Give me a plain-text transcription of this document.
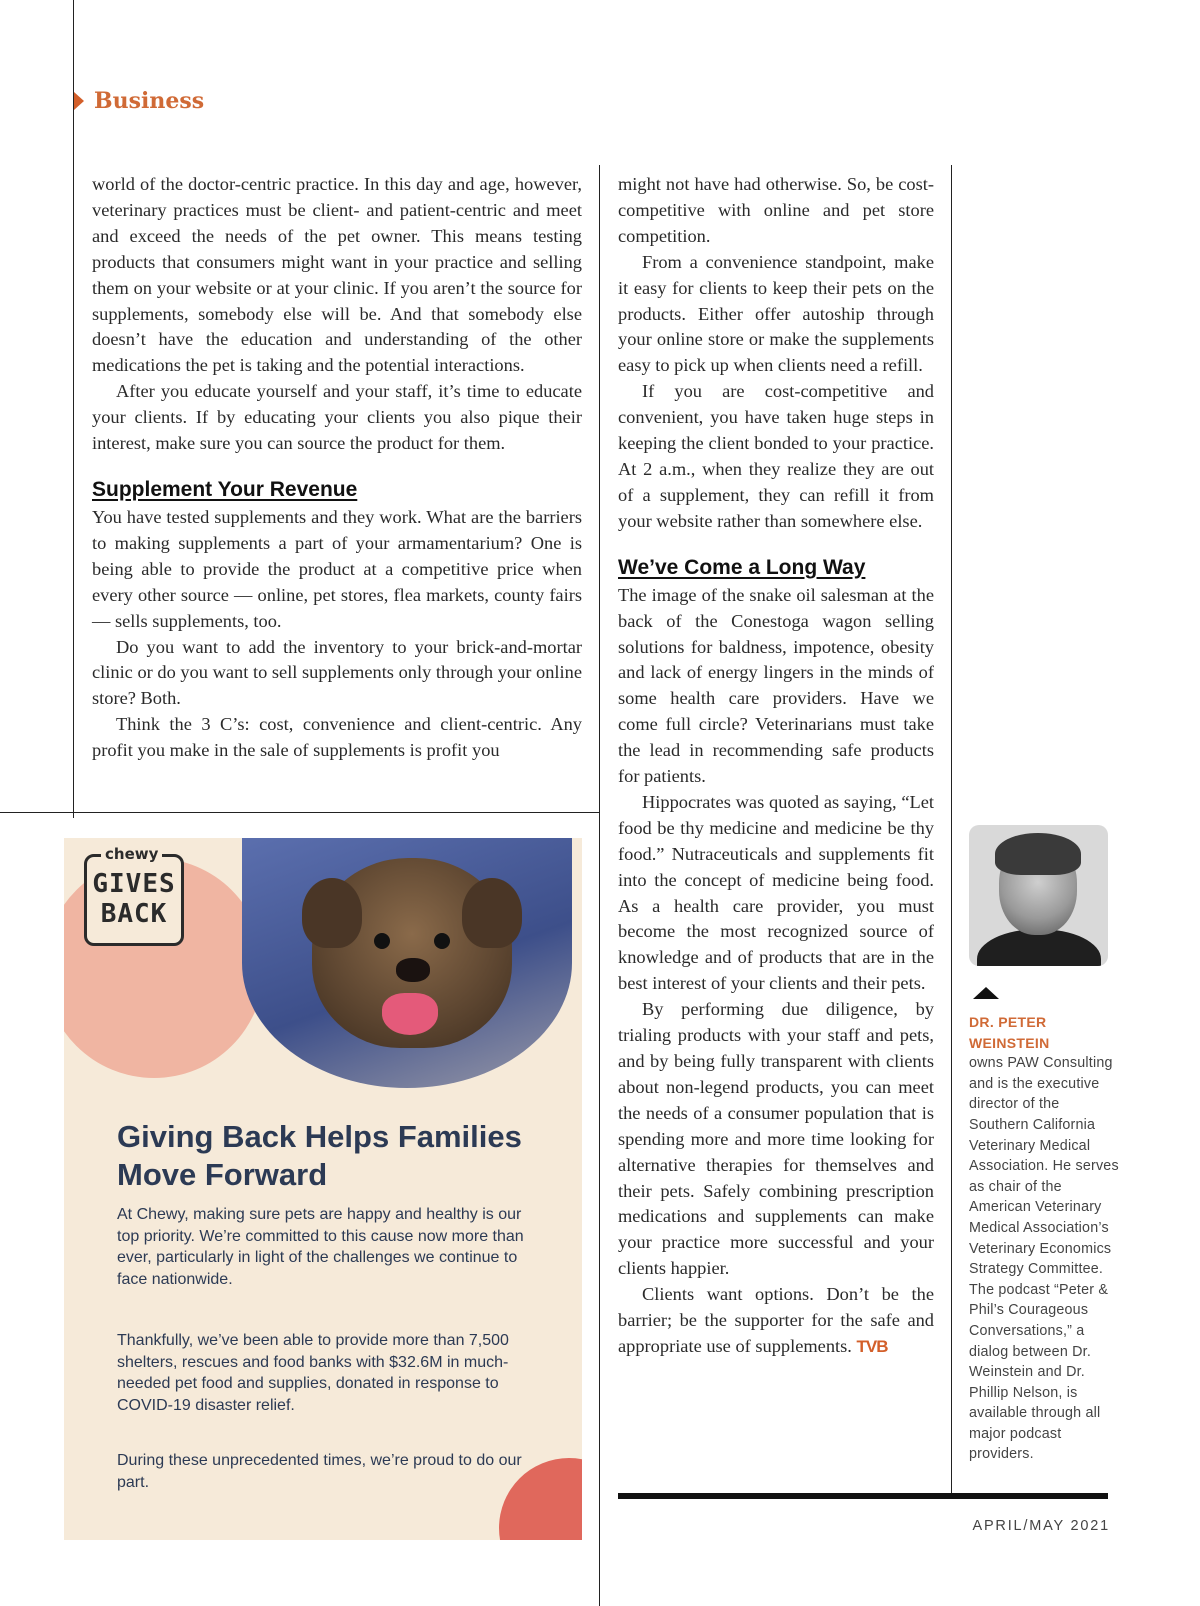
Business

world of the doctor-centric practice. In this day and age, however, veterinary practices must be client- and patient-centric and meet and exceed the needs of the pet owner. This means testing products that consumers might want in your practice and selling them on your website or at your clinic. If you aren’t the source for supplements, somebody else will be. And that somebody else doesn’t have the education and understanding of the other medications the pet is taking and the potential interactions.

After you educate yourself and your staff, it’s time to educate your clients. If by educating your clients you also pique their interest, make sure you can source the product for them.

Supplement Your Revenue

You have tested supplements and they work. What are the barriers to making supplements a part of your armamentarium? One is being able to provide the product at a competitive price when every other source — online, pet stores, flea markets, county fairs — sells supplements, too.

Do you want to add the inventory to your brick-and-mortar clinic or do you want to sell supplements only through your online store? Both.

Think the 3 C’s: cost, convenience and client-centric. Any profit you make in the sale of supplements is profit you

might not have had otherwise. So, be cost-competitive with online and pet store competition.

From a convenience standpoint, make it easy for clients to keep their pets on the products. Either offer autoship through your online store or make the supplements easy to pick up when clients need a refill.

If you are cost-competitive and convenient, you have taken huge steps in keeping the client bonded to your practice. At 2 a.m., when they realize they are out of a supplement, they can refill it from your website rather than somewhere else.

We’ve Come a Long Way

The image of the snake oil salesman at the back of the Conestoga wagon selling solutions for baldness, impotence, obesity and lack of energy lingers in the minds of some health care providers. Have we come full circle? Veterinarians must take the lead in recommending safe products for patients.

Hippocrates was quoted as saying, “Let food be thy medicine and medicine be thy food.” Nutraceuticals and supplements fit into the concept of medicine being food. As a health care provider, you must become the most recognized source of knowledge and of products that are in the best interest of your clients and their pets.

By performing due diligence, by trialing products with your staff and pets, and by being fully transparent with clients about non-legend products, you can meet the needs of a consumer population that is spending more and more time looking for alternative therapies for themselves and their pets. Safely combining prescription medications and supplements can make your practice more successful and your clients happier.

Clients want options. Don’t be the barrier; be the supporter for the safe and appropriate use of supplements. TVB

chewy
GIVES
BACK
Giving Back Helps Families Move Forward
At Chewy, making sure pets are happy and healthy is our top priority. We’re committed to this cause now more than ever, particularly in light of the challenges we continue to face nationwide.
Thankfully, we’ve been able to provide more than 7,500 shelters, rescues and food banks with $32.6M in much-needed pet food and supplies, donated in response to COVID-19 disaster relief.
During these unprecedented times, we’re proud to do our part.
DR. PETER WEINSTEIN
owns PAW Consulting and is the executive director of the Southern California Veterinary Medical Association. He serves as chair of the American Veterinary Medical Association’s Veterinary Economics Strategy Committee. The podcast “Peter & Phil’s Courageous Conversations,” a dialog between Dr. Weinstein and Dr. Phillip Nelson, is available through all major podcast providers.
APRIL/MAY 2021
